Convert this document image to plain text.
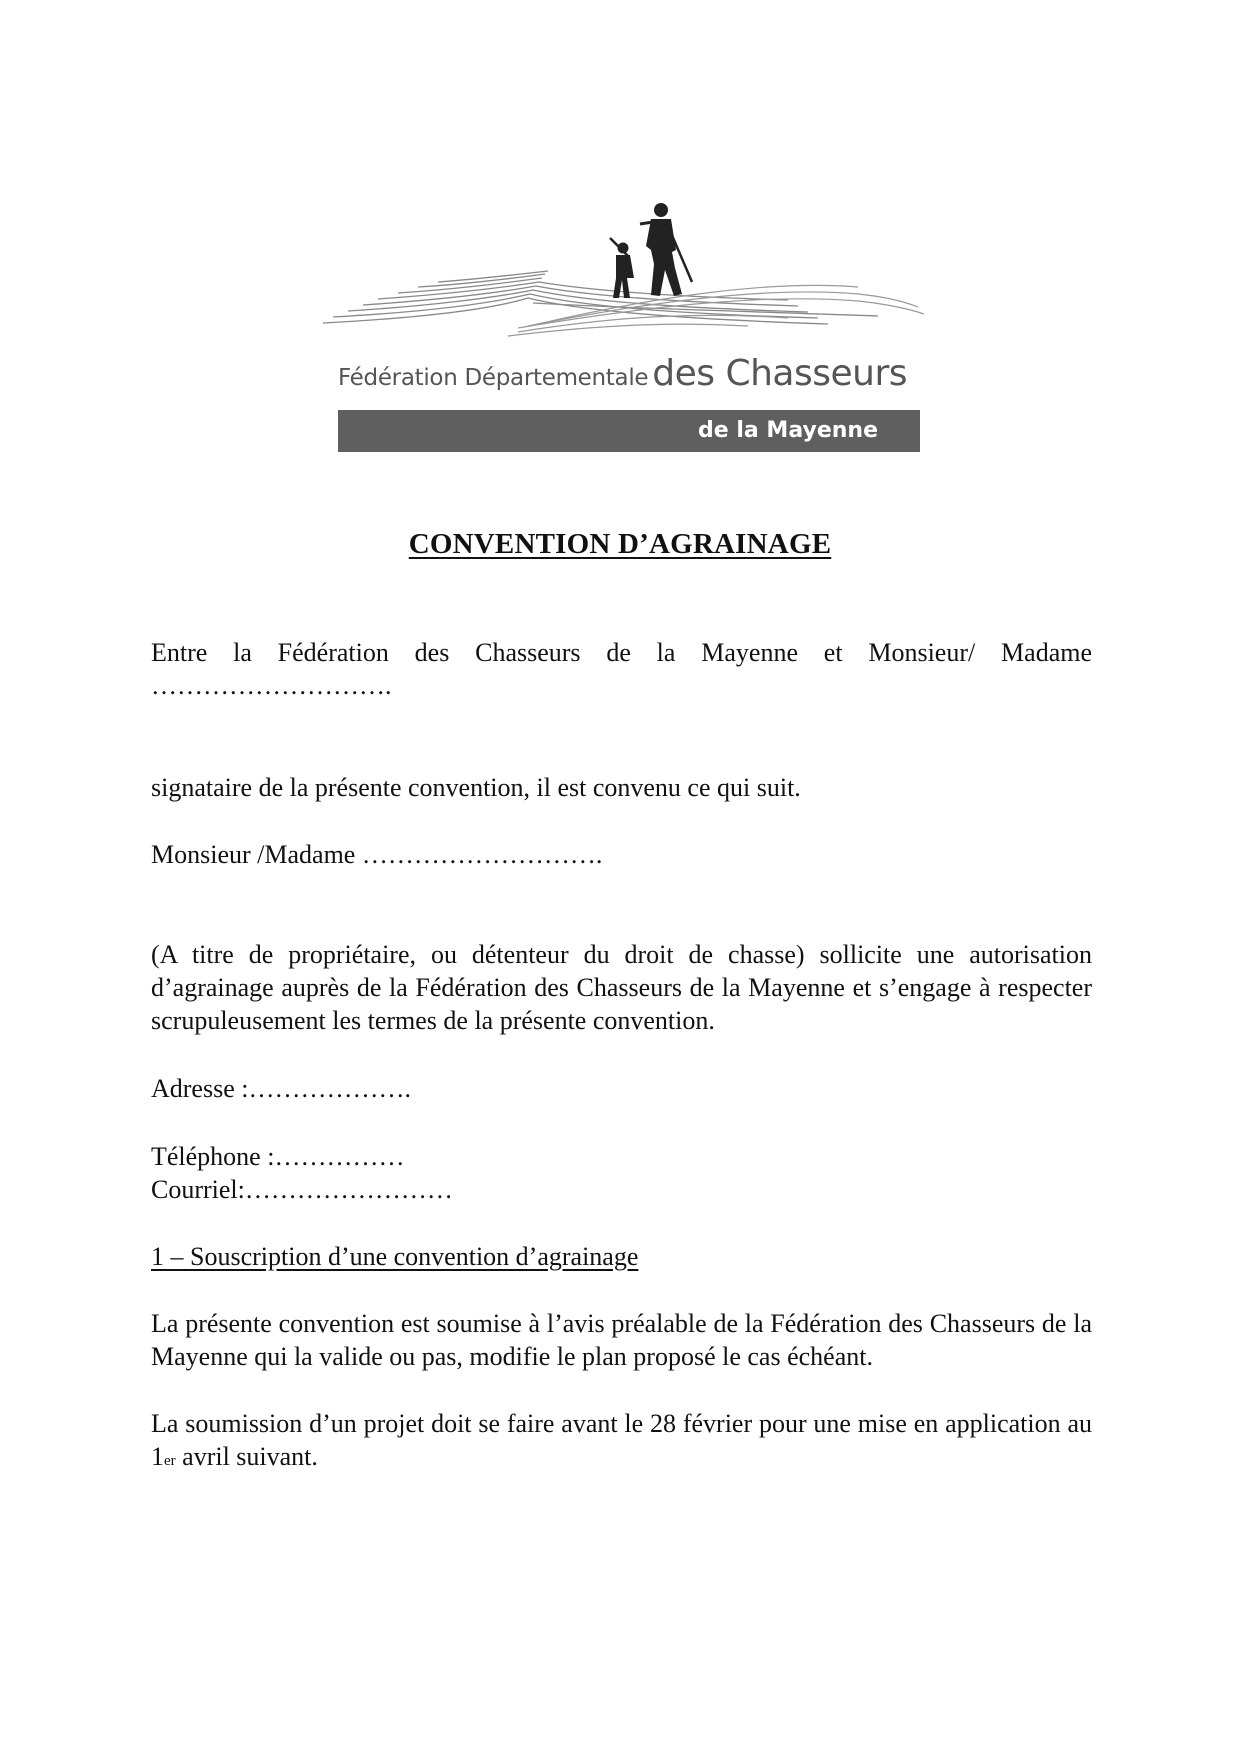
Fédération Départementale des Chasseurs
de la Mayenne
CONVENTION D’AGRAINAGE

Entre la Fédération des Chasseurs de la Mayenne et Monsieur/ Madame ……………………….

signataire de la présente convention, il est convenu ce qui suit.

Monsieur /Madame ……………………….

(A titre de propriétaire, ou détenteur du droit de chasse) sollicite une autorisation d’agrainage auprès de la Fédération des Chasseurs de la Mayenne et s’engage à respecter scrupuleusement les termes de la présente convention.

Adresse :……………….

Téléphone :……………

Courriel:……………………

1 – Souscription d’une convention d’agrainage

La présente convention est soumise à l’avis préalable de la Fédération des Chasseurs de la Mayenne qui la valide ou pas, modifie le plan proposé le cas échéant.

La soumission d’un projet doit se faire avant le 28 février pour une mise en application au 1er avril suivant.
